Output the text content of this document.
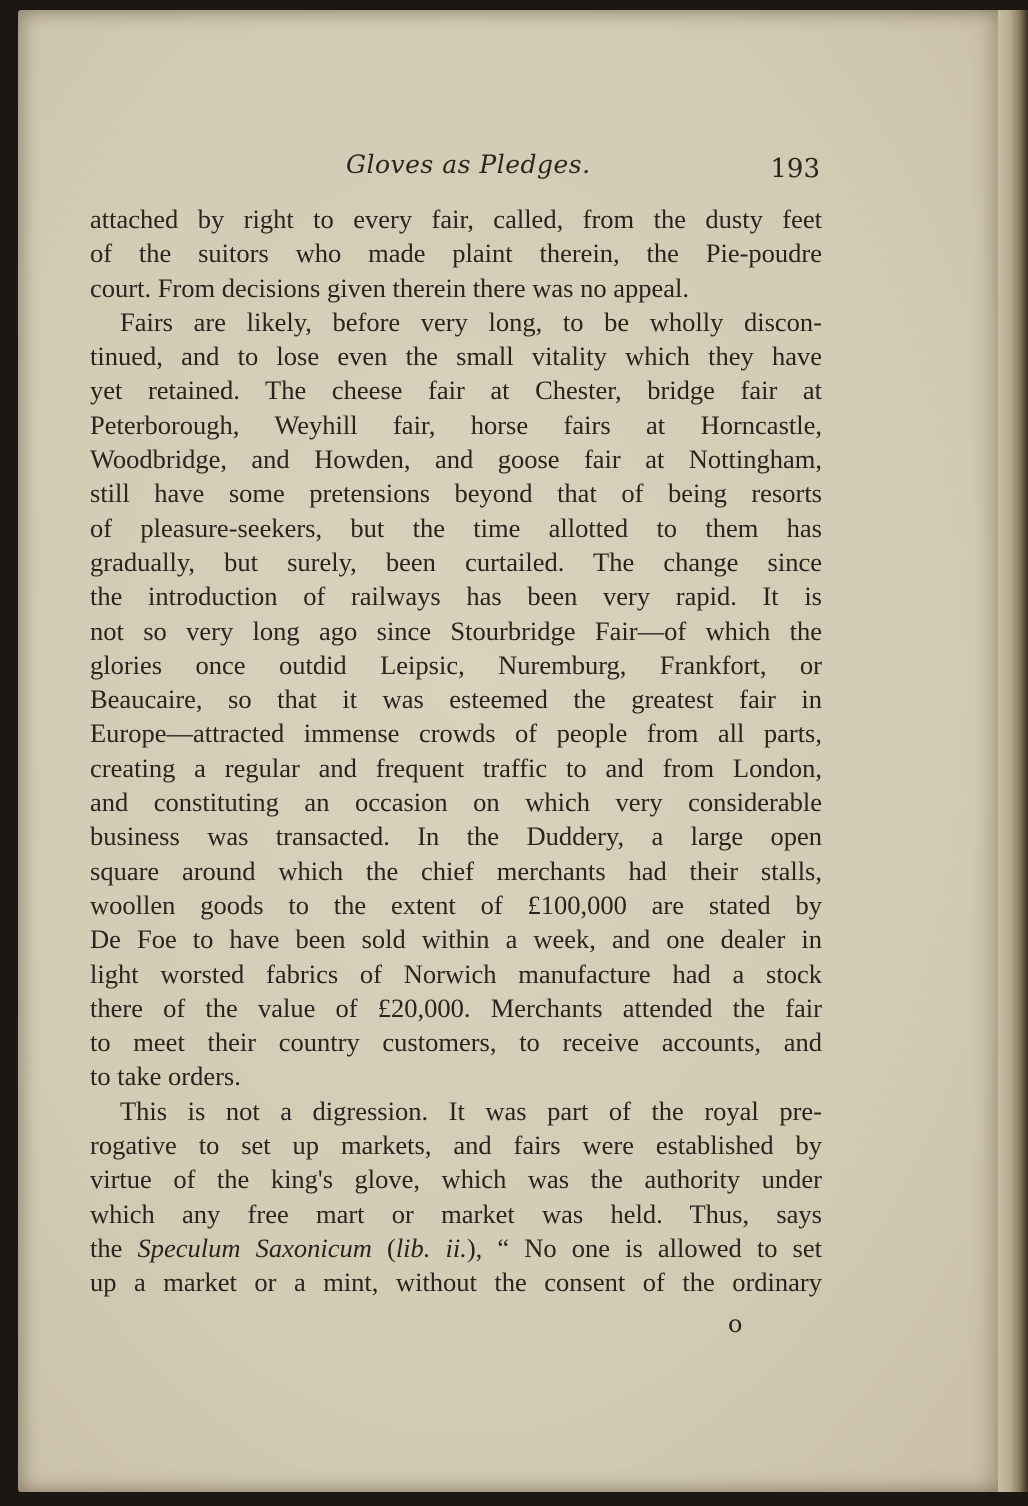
Gloves as Pledges.	193

attached by right to every fair, called, from the dusty feet
of the suitors who made plaint therein, the Pie-poudre
court. From decisions given therein there was no appeal.

Fairs are likely, before very long, to be wholly discon-
tinued, and to lose even the small vitality which they have
yet retained. The cheese fair at Chester, bridge fair at
Peterborough, Weyhill fair, horse fairs at Horncastle,
Woodbridge, and Howden, and goose fair at Nottingham,
still have some pretensions beyond that of being resorts
of pleasure-seekers, but the time allotted to them has
gradually, but surely, been curtailed. The change since
the introduction of railways has been very rapid. It is
not so very long ago since Stourbridge Fair—of which the
glories once outdid Leipsic, Nuremburg, Frankfort, or
Beaucaire, so that it was esteemed the greatest fair in
Europe—attracted immense crowds of people from all parts,
creating a regular and frequent traffic to and from London,
and constituting an occasion on which very considerable
business was transacted. In the Duddery, a large open
square around which the chief merchants had their stalls,
woollen goods to the extent of £100,000 are stated by
De Foe to have been sold within a week, and one dealer in
light worsted fabrics of Norwich manufacture had a stock
there of the value of £20,000. Merchants attended the fair
to meet their country customers, to receive accounts, and
to take orders.

This is not a digression. It was part of the royal pre-
rogative to set up markets, and fairs were established by
virtue of the king's glove, which was the authority under
which any free mart or market was held. Thus, says
the Speculum Saxonicum (lib. ii.), “ No one is allowed to set
up a market or a mint, without the consent of the ordinary

o
